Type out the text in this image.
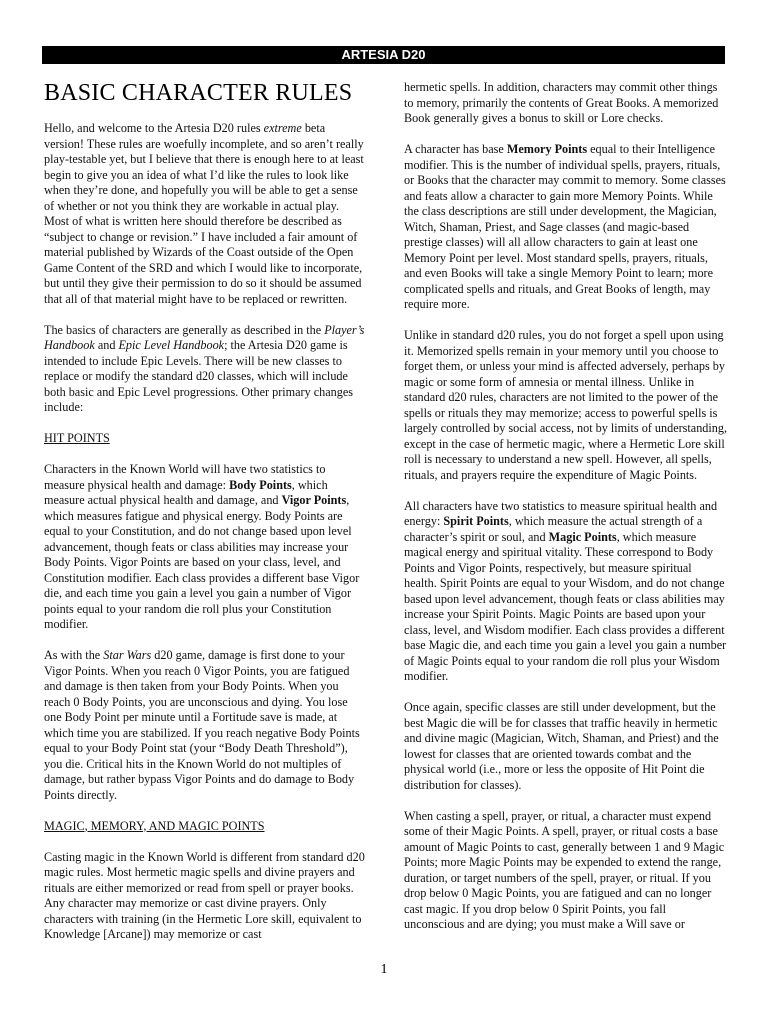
ARTESIA D20
BASIC CHARACTER RULES

Hello, and welcome to the Artesia D20 rules extreme beta version! These rules are woefully incomplete, and so aren’t really play-testable yet, but I believe that there is enough here to at least begin to give you an idea of what I’d like the rules to look like when they’re done, and hopefully you will be able to get a sense of whether or not you think they are workable in actual play. Most of what is written here should therefore be described as “subject to change or revision.” I have included a fair amount of material published by Wizards of the Coast outside of the Open Game Content of the SRD and which I would like to incorporate, but until they give their permission to do so it should be assumed that all of that material might have to be replaced or rewritten.

The basics of characters are generally as described in the Player’s Handbook and Epic Level Handbook; the Artesia D20 game is intended to include Epic Levels. There will be new classes to replace or modify the standard d20 classes, which will include both basic and Epic Level progressions. Other primary changes include:

HIT POINTS

Characters in the Known World will have two statistics to measure physical health and damage: Body Points, which measure actual physical health and damage, and Vigor Points, which measures fatigue and physical energy. Body Points are equal to your Constitution, and do not change based upon level advancement, though feats or class abilities may increase your Body Points. Vigor Points are based on your class, level, and Constitution modifier. Each class provides a different base Vigor die, and each time you gain a level you gain a number of Vigor points equal to your random die roll plus your Constitution modifier.

As with the Star Wars d20 game, damage is first done to your Vigor Points. When you reach 0 Vigor Points, you are fatigued and damage is then taken from your Body Points. When you reach 0 Body Points, you are unconscious and dying. You lose one Body Point per minute until a Fortitude save is made, at which time you are stabilized. If you reach negative Body Points equal to your Body Point stat (your “Body Death Threshold”), you die. Critical hits in the Known World do not multiples of damage, but rather bypass Vigor Points and do damage to Body Points directly.

MAGIC, MEMORY, AND MAGIC POINTS

Casting magic in the Known World is different from standard d20 magic rules. Most hermetic magic spells and divine prayers and rituals are either memorized or read from spell or prayer books. Any character may memorize or cast divine prayers. Only characters with training (in the Hermetic Lore skill, equivalent to Knowledge [Arcane]) may memorize or cast

hermetic spells. In addition, characters may commit other things to memory, primarily the contents of Great Books. A memorized Book generally gives a bonus to skill or Lore checks.

A character has base Memory Points equal to their Intelligence modifier. This is the number of individual spells, prayers, rituals, or Books that the character may commit to memory. Some classes and feats allow a character to gain more Memory Points. While the class descriptions are still under development, the Magician, Witch, Shaman, Priest, and Sage classes (and magic-based prestige classes) will all allow characters to gain at least one Memory Point per level. Most standard spells, prayers, rituals, and even Books will take a single Memory Point to learn; more complicated spells and rituals, and Great Books of length, may require more.

Unlike in standard d20 rules, you do not forget a spell upon using it. Memorized spells remain in your memory until you choose to forget them, or unless your mind is affected adversely, perhaps by magic or some form of amnesia or mental illness. Unlike in standard d20 rules, characters are not limited to the power of the spells or rituals they may memorize; access to powerful spells is largely controlled by social access, not by limits of understanding, except in the case of hermetic magic, where a Hermetic Lore skill roll is necessary to understand a new spell. However, all spells, rituals, and prayers require the expenditure of Magic Points.

All characters have two statistics to measure spiritual health and energy: Spirit Points, which measure the actual strength of a character’s spirit or soul, and Magic Points, which measure magical energy and spiritual vitality. These correspond to Body Points and Vigor Points, respectively, but measure spiritual health. Spirit Points are equal to your Wisdom, and do not change based upon level advancement, though feats or class abilities may increase your Spirit Points. Magic Points are based upon your class, level, and Wisdom modifier. Each class provides a different base Magic die, and each time you gain a level you gain a number of Magic Points equal to your random die roll plus your Wisdom modifier.

Once again, specific classes are still under development, but the best Magic die will be for classes that traffic heavily in hermetic and divine magic (Magician, Witch, Shaman, and Priest) and the lowest for classes that are oriented towards combat and the physical world (i.e., more or less the opposite of Hit Point die distribution for classes).

When casting a spell, prayer, or ritual, a character must expend some of their Magic Points. A spell, prayer, or ritual costs a base amount of Magic Points to cast, generally between 1 and 9 Magic Points; more Magic Points may be expended to extend the range, duration, or target numbers of the spell, prayer, or ritual. If you drop below 0 Magic Points, you are fatigued and can no longer cast magic. If you drop below 0 Spirit Points, you fall unconscious and are dying; you must make a Will save or

1
